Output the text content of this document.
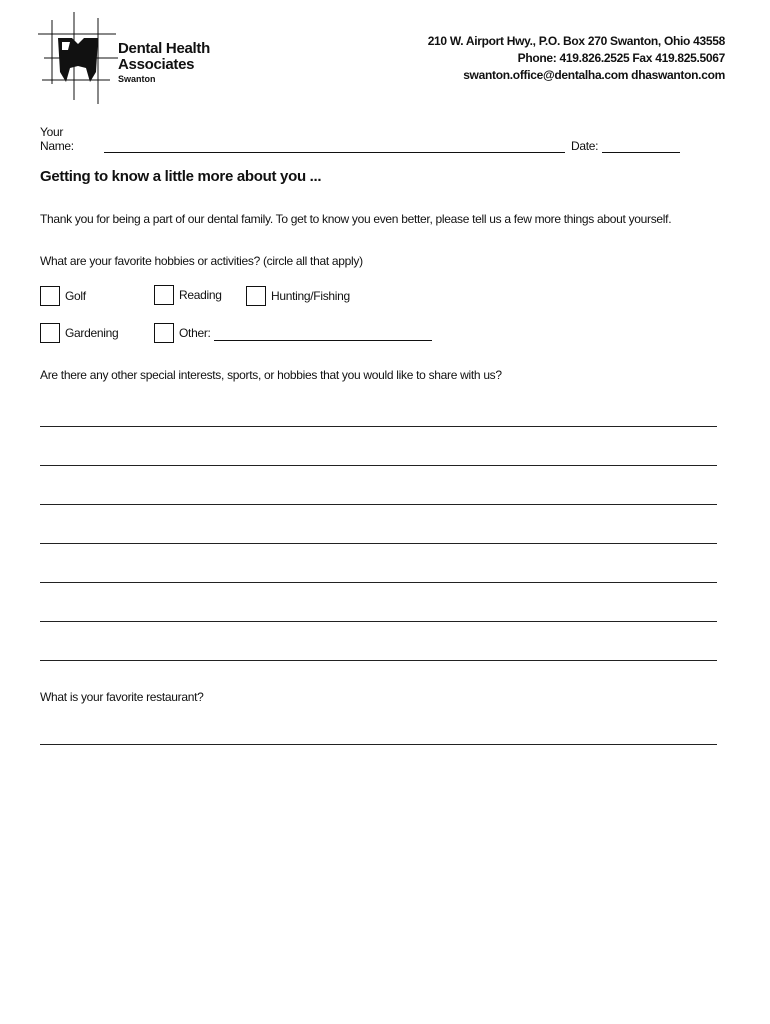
Dental Health
Associates
Swanton
210 W. Airport Hwy., P.O. Box 270 Swanton, Ohio 43558
Phone: 419.826.2525 Fax 419.825.5067
swanton.office@dentalha.com dhaswanton.com
Your Name:	Date:
Getting to know a little more about you ...
Thank you for being a part of our dental family. To get to know you even better, please tell us a few more things about yourself.
What are your favorite hobbies or activities? (circle all that apply)
Golf	Reading	Hunting/Fishing
Gardening	Other:
Are there any other special interests, sports, or hobbies that you would like to share with us?
What is your favorite restaurant?
